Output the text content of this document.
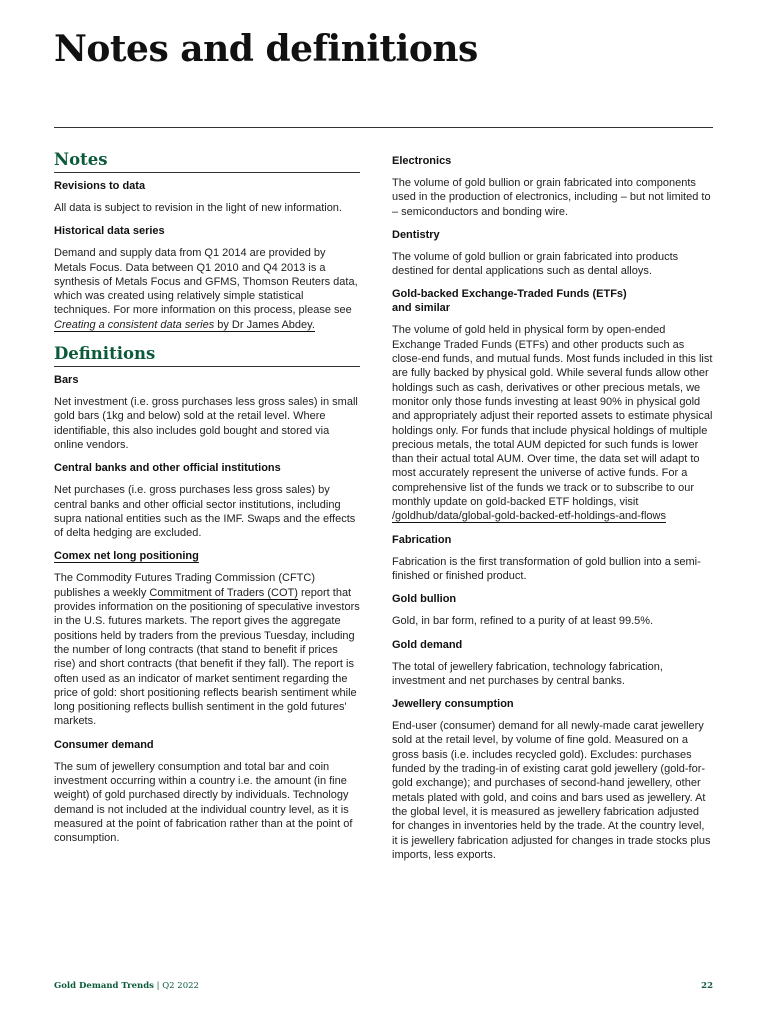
Notes and definitions
Notes

Revisions to data

All data is subject to revision in the light of new information.

Historical data series

Demand and supply data from Q1 2014 are provided by Metals Focus. Data between Q1 2010 and Q4 2013 is a synthesis of Metals Focus and GFMS, Thomson Reuters data, which was created using relatively simple statistical techniques. For more information on this process, please see Creating a consistent data series by Dr James Abdey.

Definitions

Bars

Net investment (i.e. gross purchases less gross sales) in small gold bars (1kg and below) sold at the retail level. Where identifiable, this also includes gold bought and stored via online vendors.

Central banks and other official institutions

Net purchases (i.e. gross purchases less gross sales) by central banks and other official sector institutions, including supra national entities such as the IMF. Swaps and the effects of delta hedging are excluded.

Comex net long positioning

The Commodity Futures Trading Commission (CFTC) publishes a weekly Commitment of Traders (COT) report that provides information on the positioning of speculative investors in the U.S. futures markets. The report gives the aggregate positions held by traders from the previous Tuesday, including the number of long contracts (that stand to benefit if prices rise) and short contracts (that benefit if they fall). The report is often used as an indicator of market sentiment regarding the price of gold: short positioning reflects bearish sentiment while long positioning reflects bullish sentiment in the gold futures' markets.

Consumer demand

The sum of jewellery consumption and total bar and coin investment occurring within a country i.e. the amount (in fine weight) of gold purchased directly by individuals. Technology demand is not included at the individual country level, as it is measured at the point of fabrication rather than at the point of consumption.

Electronics

The volume of gold bullion or grain fabricated into components used in the production of electronics, including – but not limited to – semiconductors and bonding wire.

Dentistry

The volume of gold bullion or grain fabricated into products destined for dental applications such as dental alloys.

Gold-backed Exchange-Traded Funds (ETFs)
and similar

The volume of gold held in physical form by open-ended Exchange Traded Funds (ETFs) and other products such as close-end funds, and mutual funds. Most funds included in this list are fully backed by physical gold. While several funds allow other holdings such as cash, derivatives or other precious metals, we monitor only those funds investing at least 90% in physical gold and appropriately adjust their reported assets to estimate physical holdings only. For funds that include physical holdings of multiple precious metals, the total AUM depicted for such funds is lower than their actual total AUM. Over time, the data set will adapt to most accurately represent the universe of active funds. For a comprehensive list of the funds we track or to subscribe to our monthly update on gold-backed ETF holdings, visit /goldhub/data/global-gold-backed-etf-holdings-and-flows

Fabrication

Fabrication is the first transformation of gold bullion into a semi-finished or finished product.

Gold bullion

Gold, in bar form, refined to a purity of at least 99.5%.

Gold demand

The total of jewellery fabrication, technology fabrication, investment and net purchases by central banks.

Jewellery consumption

End-user (consumer) demand for all newly-made carat jewellery sold at the retail level, by volume of fine gold. Measured on a gross basis (i.e. includes recycled gold). Excludes: purchases funded by the trading-in of existing carat gold jewellery (gold-for-gold exchange); and purchases of second-hand jewellery, other metals plated with gold, and coins and bars used as jewellery. At the global level, it is measured as jewellery fabrication adjusted for changes in inventories held by the trade. At the country level, it is jewellery fabrication adjusted for changes in trade stocks plus imports, less exports.

Gold Demand Trends | Q2 2022	22
